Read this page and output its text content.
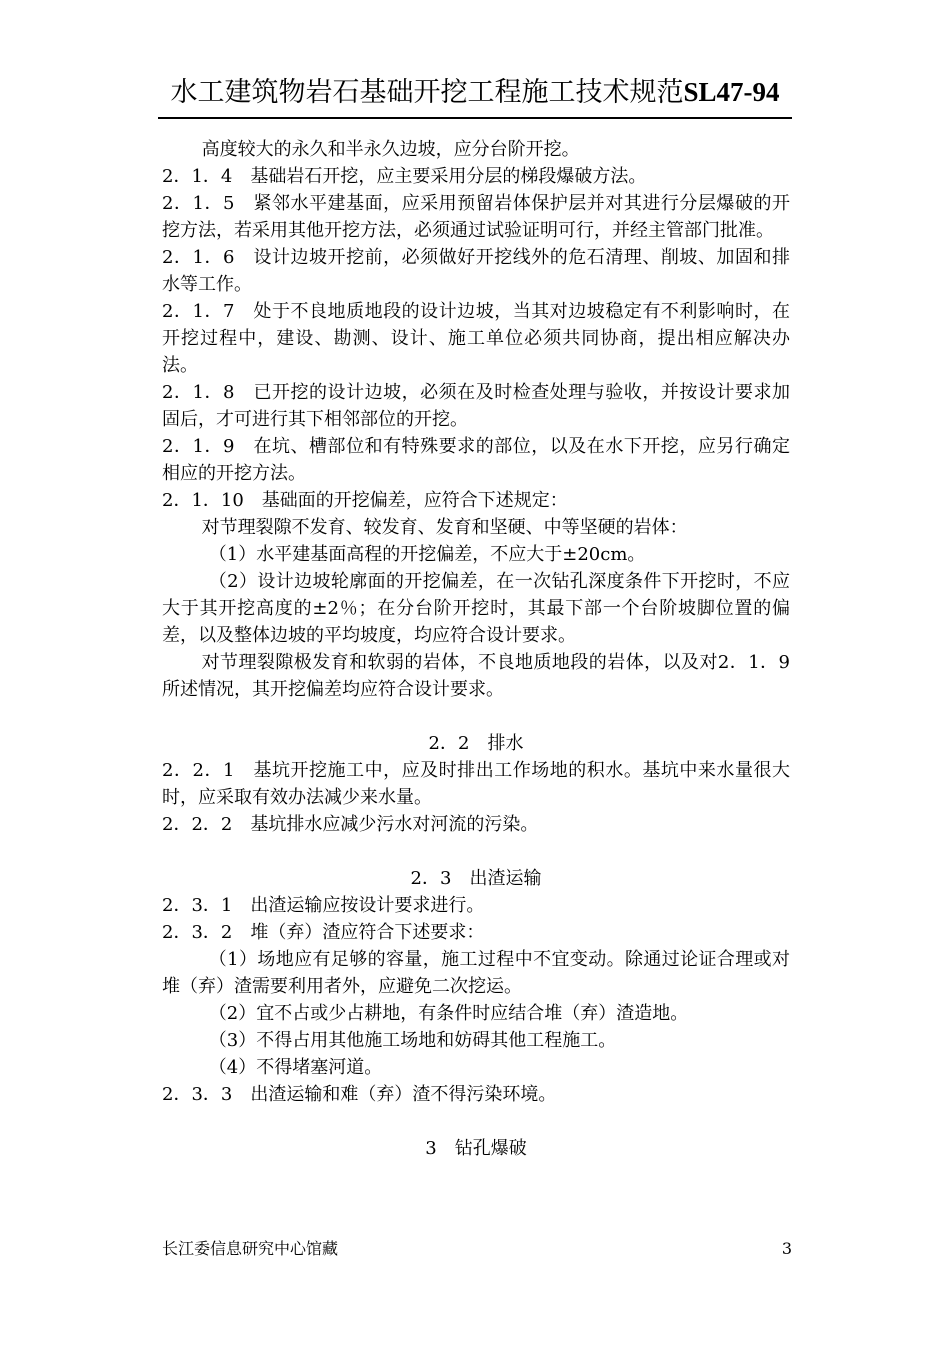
水工建筑物岩石基础开挖工程施工技术规范SL47-94

高度较大的永久和半永久边坡，应分台阶开挖。

2．1．4　基础岩石开挖，应主要采用分层的梯段爆破方法。

2．1．5　紧邻水平建基面，应采用预留岩体保护层并对其进行分层爆破的开挖方法，若采用其他开挖方法，必须通过试验证明可行，并经主管部门批准。

2．1．6　设计边坡开挖前，必须做好开挖线外的危石清理、削坡、加固和排水等工作。

2．1．7　处于不良地质地段的设计边坡，当其对边坡稳定有不利影响时，在开挖过程中，建设、勘测、设计、施工单位必须共同协商，提出相应解决办法。

2．1．8　已开挖的设计边坡，必须在及时检查处理与验收，并按设计要求加固后，才可进行其下相邻部位的开挖。

2．1．9　在坑、槽部位和有特殊要求的部位，以及在水下开挖，应另行确定相应的开挖方法。

2．1．10　基础面的开挖偏差，应符合下述规定：

对节理裂隙不发育、较发育、发育和坚硬、中等坚硬的岩体：

（1）水平建基面高程的开挖偏差，不应大于±20cm。

（2）设计边坡轮廓面的开挖偏差，在一次钻孔深度条件下开挖时，不应大于其开挖高度的±2％；在分台阶开挖时，其最下部一个台阶坡脚位置的偏差，以及整体边坡的平均坡度，均应符合设计要求。

对节理裂隙极发育和软弱的岩体，不良地质地段的岩体，以及对2．1．9所述情况，其开挖偏差均应符合设计要求。

2．2　排水

2．2．1　基坑开挖施工中，应及时排出工作场地的积水。基坑中来水量很大时，应采取有效办法减少来水量。

2．2．2　基坑排水应减少污水对河流的污染。

2．3　出渣运输

2．3．1　出渣运输应按设计要求进行。

2．3．2　堆（弃）渣应符合下述要求：

（1）场地应有足够的容量，施工过程中不宜变动。除通过论证合理或对堆（弃）渣需要利用者外，应避免二次挖运。

（2）宜不占或少占耕地，有条件时应结合堆（弃）渣造地。

（3）不得占用其他施工场地和妨碍其他工程施工。

（4）不得堵塞河道。

2．3．3　出渣运输和难（弃）渣不得污染环境。

3　钻孔爆破

长江委信息研究中心馆藏	3
